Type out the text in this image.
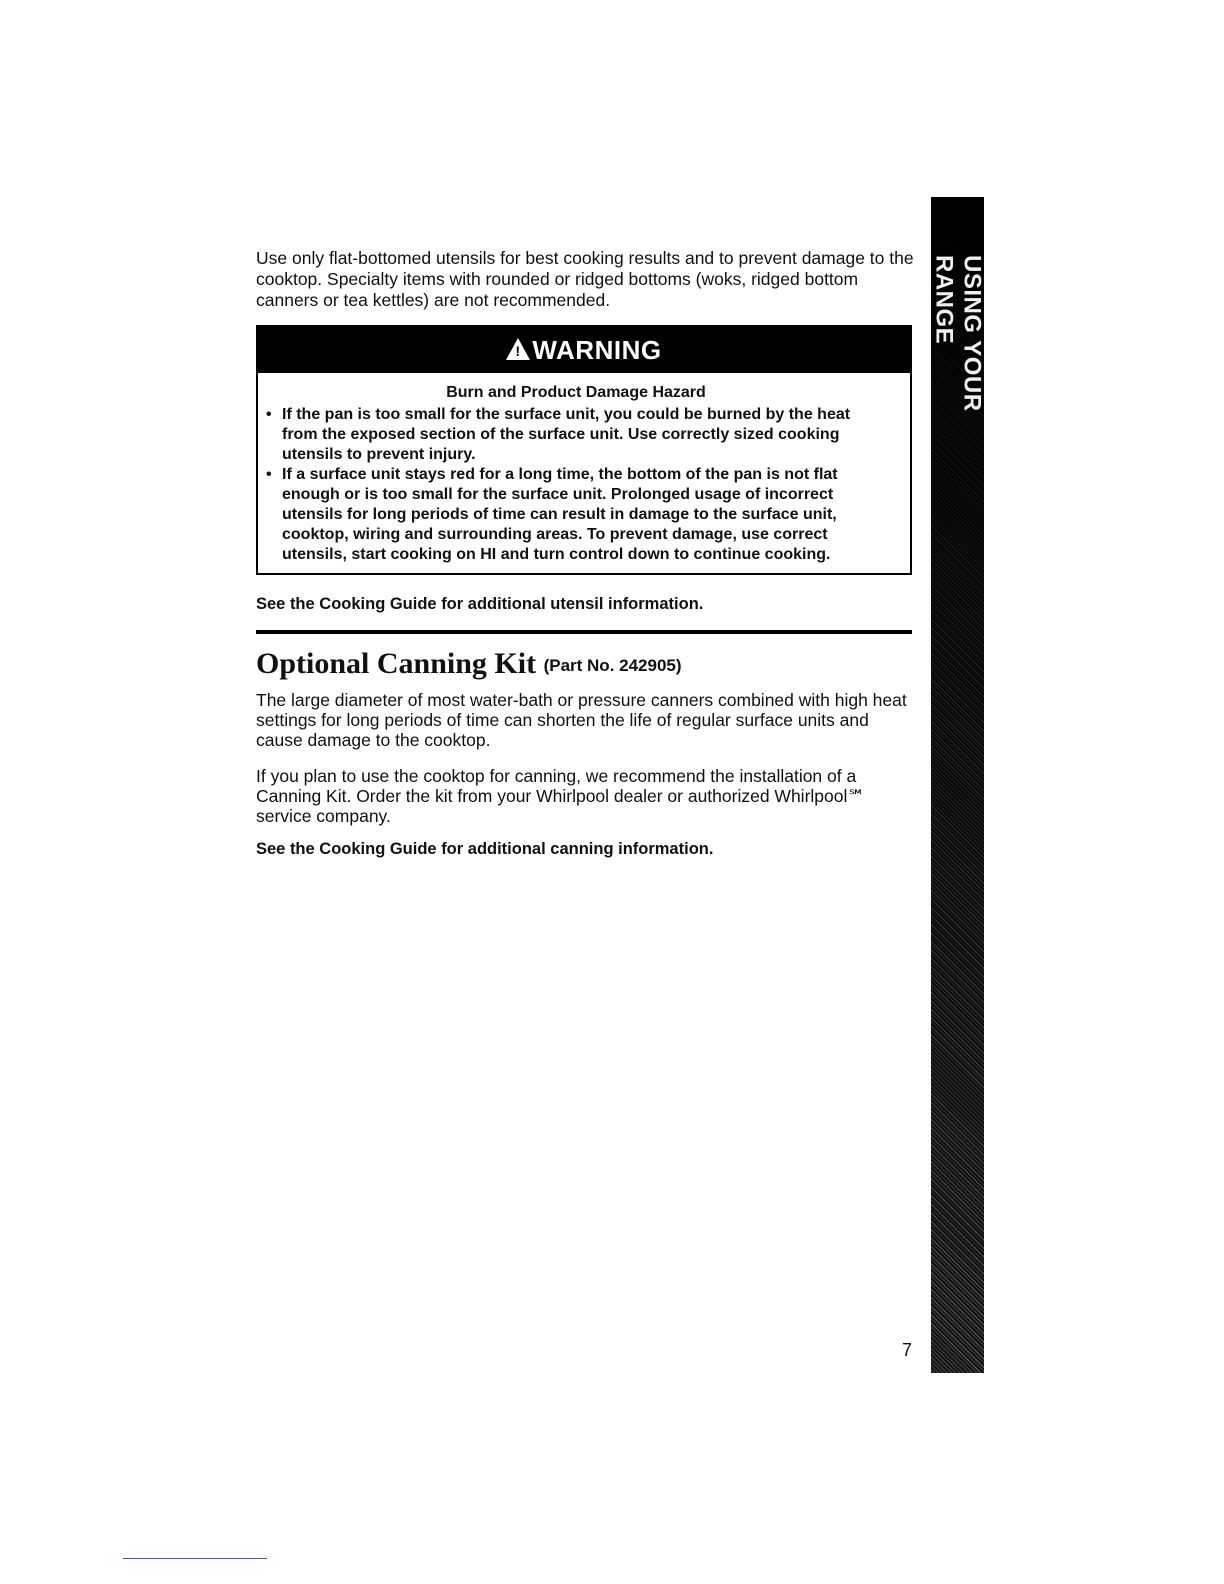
Use only flat-bottomed utensils for best cooking results and to prevent damage to the cooktop. Specialty items with rounded or ridged bottoms (woks, ridged bottom canners or tea kettles) are not recommended.

! WARNING

Burn and Product Damage Hazard

• If the pan is too small for the surface unit, you could be burned by the heat from the exposed section of the surface unit. Use correctly sized cooking utensils to prevent injury.
• If a surface unit stays red for a long time, the bottom of the pan is not flat enough or is too small for the surface unit. Prolonged usage of incorrect utensils for long periods of time can result in damage to the surface unit, cooktop, wiring and surrounding areas. To prevent damage, use correct utensils, start cooking on HI and turn control down to continue cooking.

See the Cooking Guide for additional utensil information.

Optional Canning Kit (Part No. 242905)

The large diameter of most water-bath or pressure canners combined with high heat settings for long periods of time can shorten the life of regular surface units and cause damage to the cooktop.

If you plan to use the cooktop for canning, we recommend the installation of a Canning Kit. Order the kit from your Whirlpool dealer or authorized Whirlpool℠ service company.

See the Cooking Guide for additional canning information.

USING YOUR RANGE
7
